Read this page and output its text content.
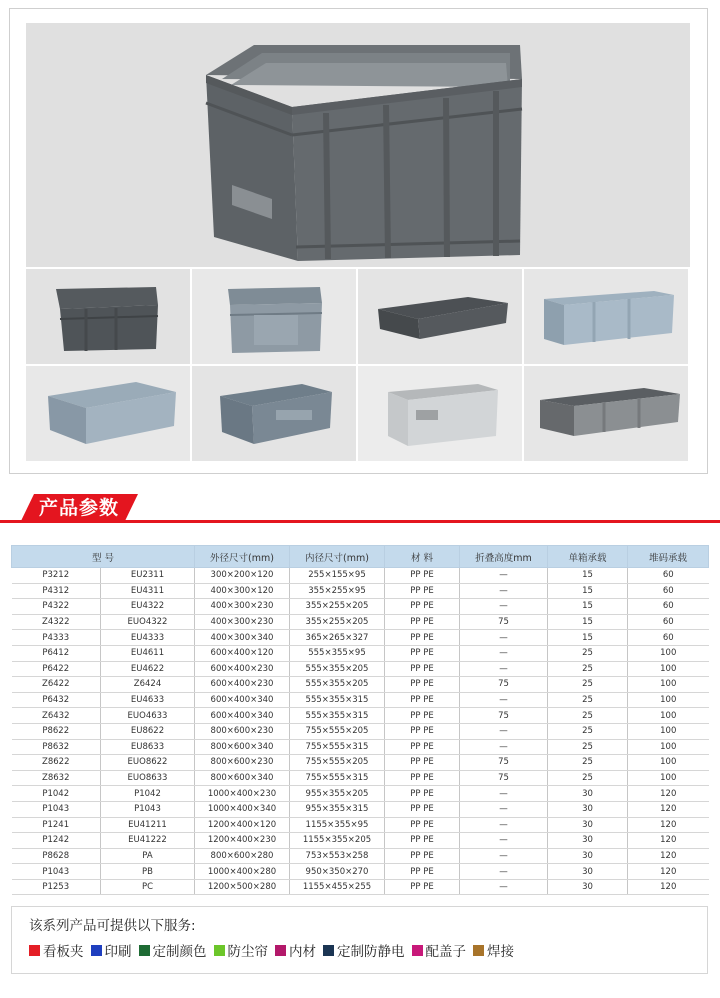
产品参数
型 号		外径尺寸(mm)	内径尺寸(mm)	材 料	折叠高度mm	单箱承载	堆码承载
P3212	EU2311	300×200×120	255×155×95	PP PE	—	15	60
P4312	EU4311	400×300×120	355×255×95	PP PE	—	15	60
P4322	EU4322	400×300×230	355×255×205	PP PE	—	15	60
Z4322	EUO4322	400×300×230	355×255×205	PP PE	75	15	60
P4333	EU4333	400×300×340	365×265×327	PP PE	—	15	60
P6412	EU4611	600×400×120	555×355×95	PP PE	—	25	100
P6422	EU4622	600×400×230	555×355×205	PP PE	—	25	100
Z6422	Z6424	600×400×230	555×355×205	PP PE	75	25	100
P6432	EU4633	600×400×340	555×355×315	PP PE	—	25	100
Z6432	EUO4633	600×400×340	555×355×315	PP PE	75	25	100
P8622	EU8622	800×600×230	755×555×205	PP PE	—	25	100
P8632	EU8633	800×600×340	755×555×315	PP PE	—	25	100
Z8622	EUO8622	800×600×230	755×555×205	PP PE	75	25	100
Z8632	EUO8633	800×600×340	755×555×315	PP PE	75	25	100
P1042	P1042	1000×400×230	955×355×205	PP PE	—	30	120
P1043	P1043	1000×400×340	955×355×315	PP PE	—	30	120
P1241	EU41211	1200×400×120	1155×355×95	PP PE	—	30	120
P1242	EU41222	1200×400×230	1155×355×205	PP PE	—	30	120
P8628	PA	800×600×280	753×553×258	PP PE	—	30	120
P1043	PB	1000×400×280	950×350×270	PP PE	—	30	120
P1253	PC	1200×500×280	1155×455×255	PP PE	—	30	120
该系列产品可提供以下服务:
看板夹 印刷 定制颜色 防尘帘 内材 定制防静电 配盖子 焊接
